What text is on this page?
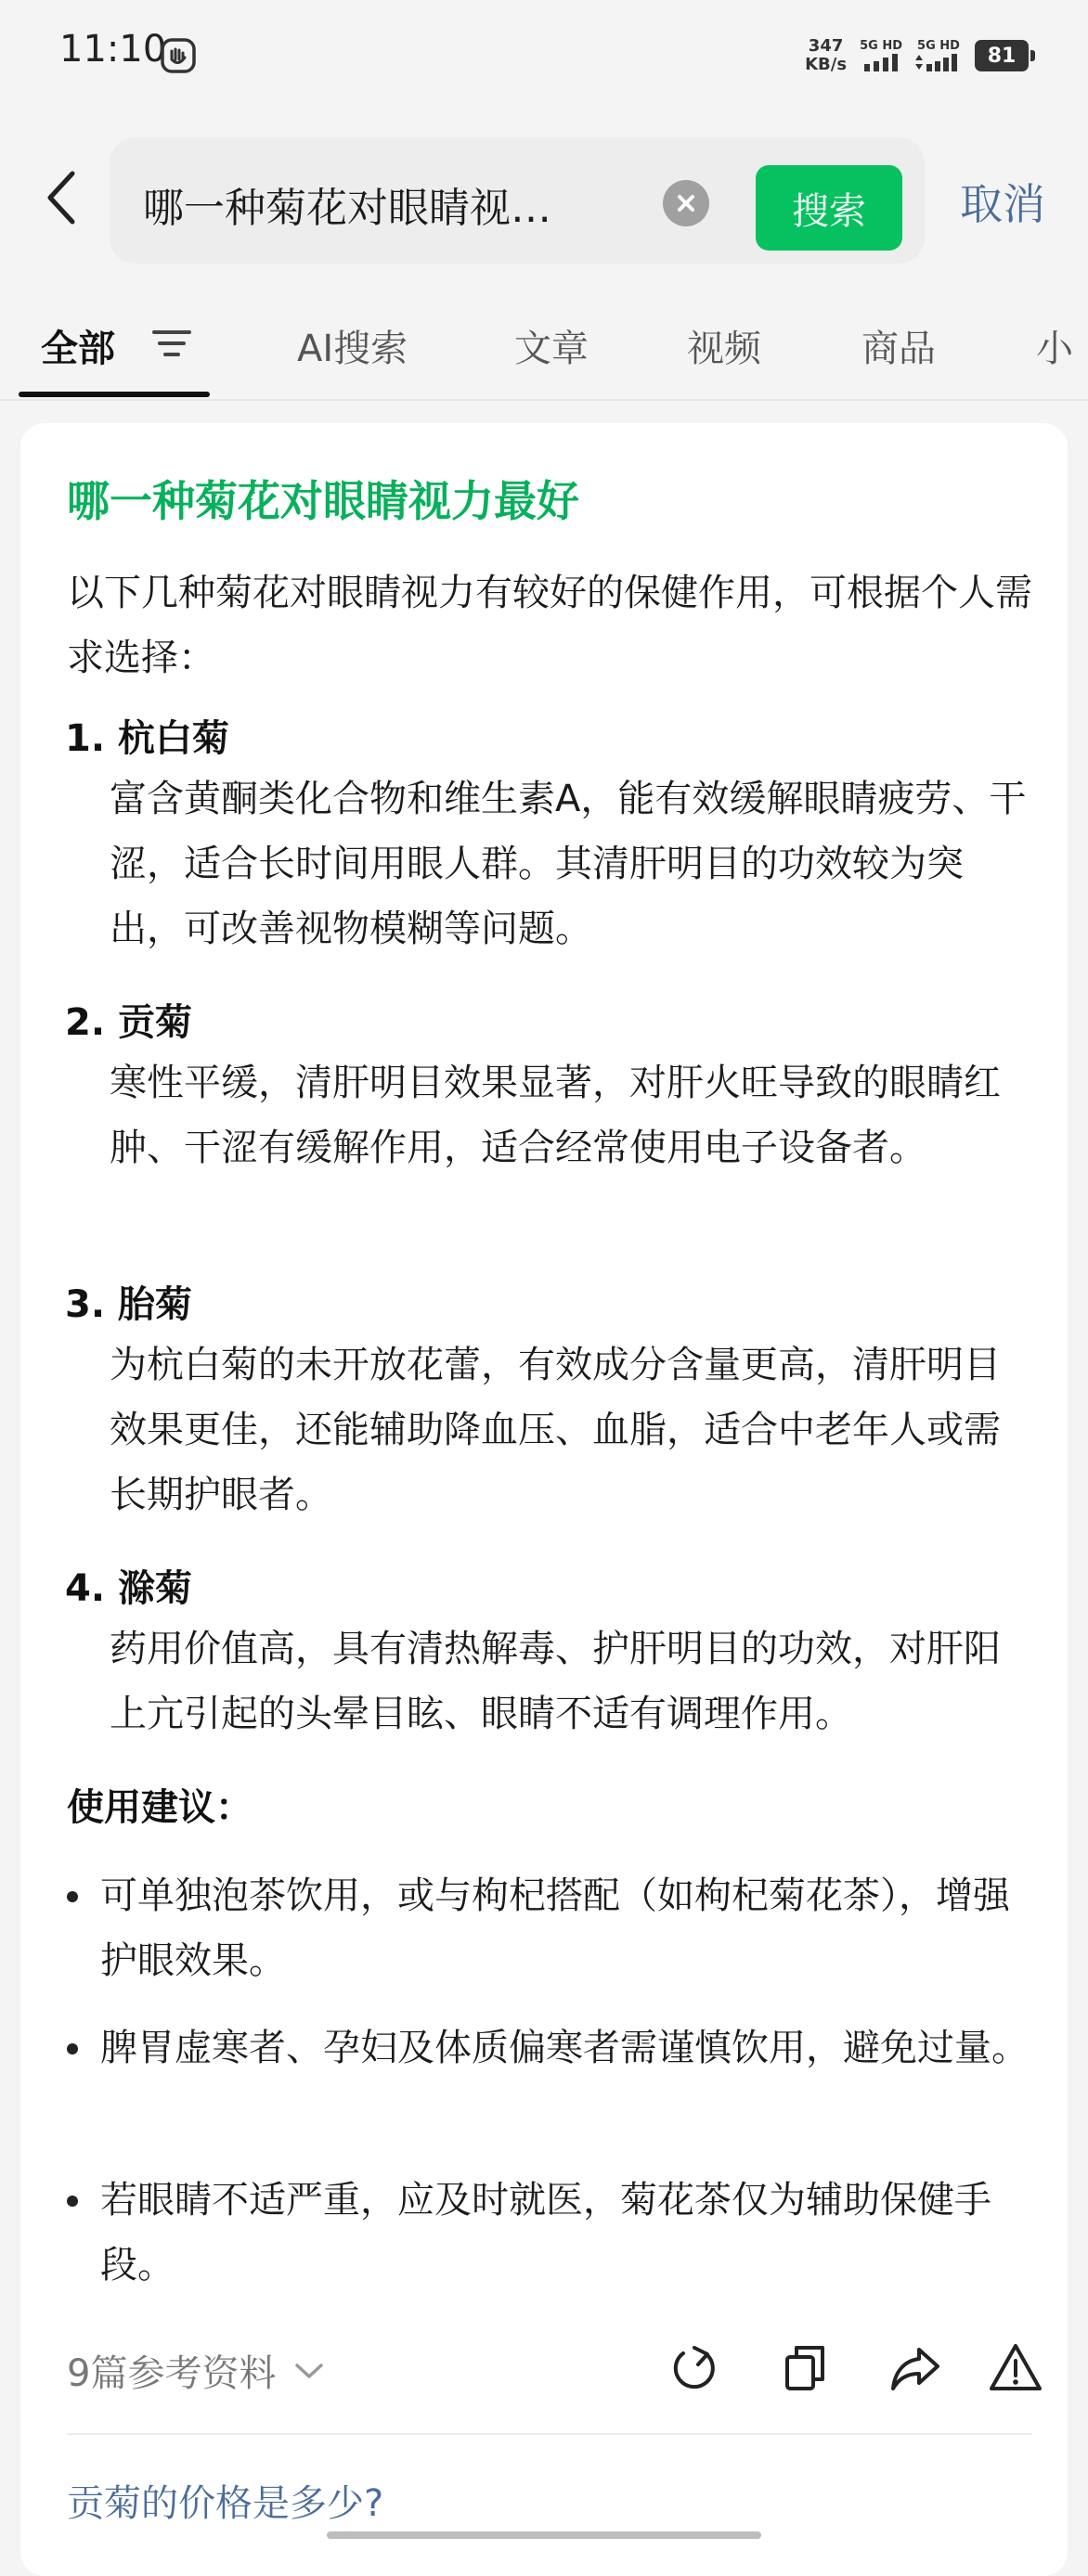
11:10	347
KB/s
5G HD 5G HD 81
哪一种菊花对眼睛视…	搜索	取消
全部	AI搜索	文章	视频	商品	小
哪一种菊花对眼睛视力最好
以下几种菊花对眼睛视力有较好的保健作用，可根据个人需求选择：
1. 杭白菊
富含黄酮类化合物和维生素A，能有效缓解眼睛疲劳、干涩，适合长时间用眼人群。其清肝明目的功效较为突出，可改善视物模糊等问题。
2. 贡菊
寒性平缓，清肝明目效果显著，对肝火旺导致的眼睛红肿、干涩有缓解作用，适合经常使用电子设备者。
3. 胎菊
为杭白菊的未开放花蕾，有效成分含量更高，清肝明目效果更佳，还能辅助降血压、血脂，适合中老年人或需长期护眼者。
4. 滁菊
药用价值高，具有清热解毒、护肝明目的功效，对肝阳上亢引起的头晕目眩、眼睛不适有调理作用。
使用建议：
可单独泡茶饮用，或与枸杞搭配（如枸杞菊花茶），增强护眼效果。
脾胃虚寒者、孕妇及体质偏寒者需谨慎饮用，避免过量。
若眼睛不适严重，应及时就医，菊花茶仅为辅助保健手段。
9篇参考资料
贡菊的价格是多少?
